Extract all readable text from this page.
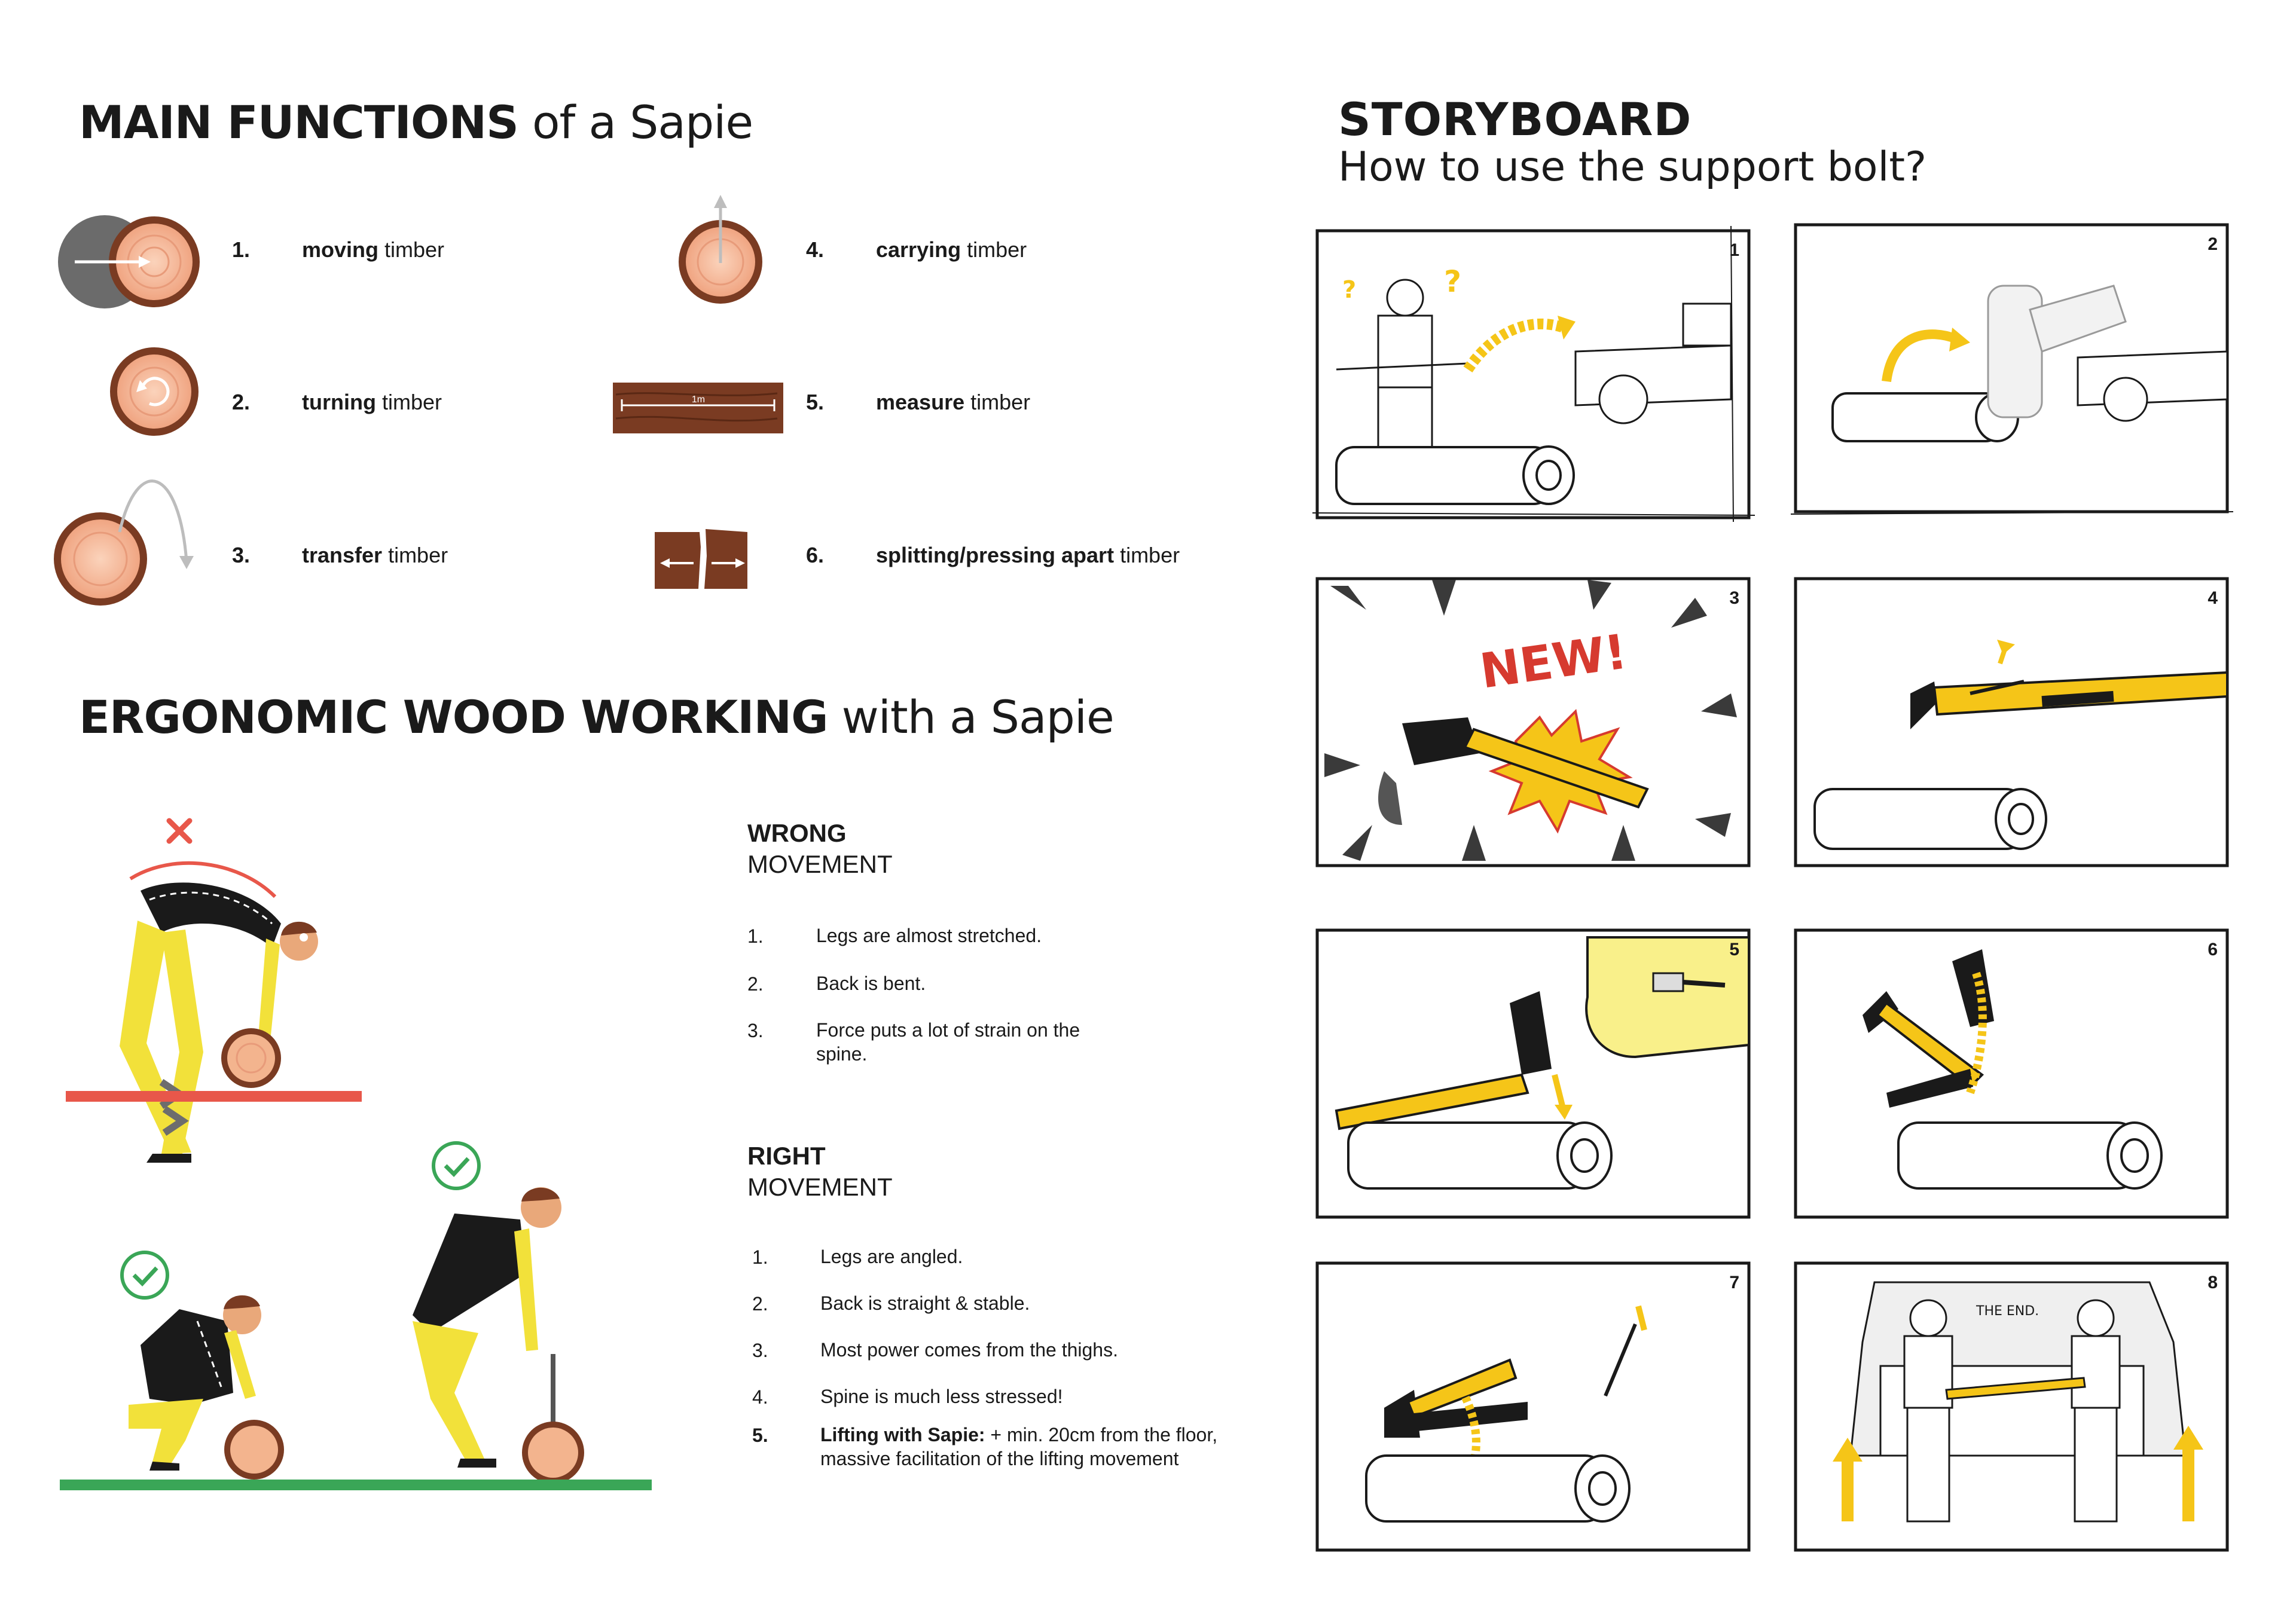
MAIN FUNCTIONS of a Sapie
1m
1. moving timber
2. turning timber
3. transfer timber
4. carrying timber
5. measure timber
6. splitting/pressing apart timber
ERGONOMIC WOOD WORKING with a Sapie
WRONG
MOVEMENT
1.	Legs are almost stretched.
2.	Back is bent.
3.	Force puts a lot of strain on the spine.
RIGHT
MOVEMENT
1.	Legs are angled.
2.	Back is straight & stable.
3.	Most power comes from the thighs.
4.	Spine is much less stressed!
5.	Lifting with Sapie: + min. 20cm from the floor, massive facilitation of the lifting movement
STORYBOARD
How to use the support bolt?
?	?
1	2
NEW!
3	4
5	6
7
THE END.
8
